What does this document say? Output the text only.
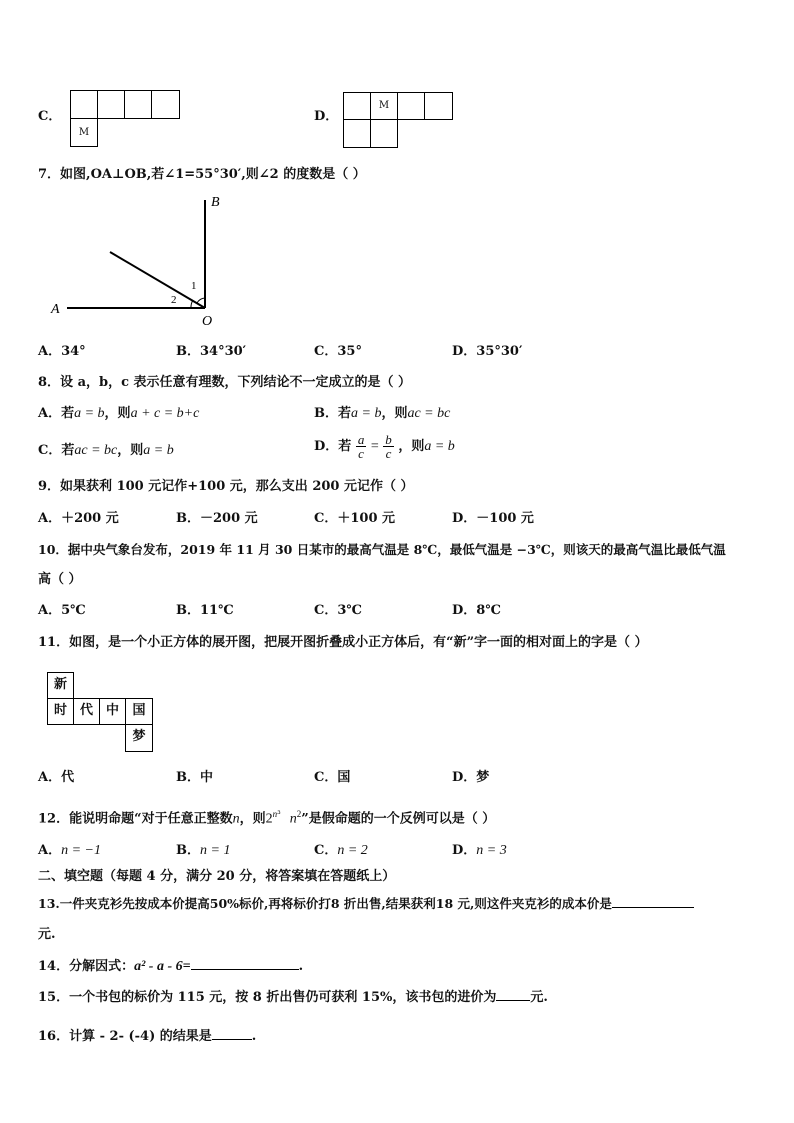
C．
M
D．
M
7．如图,OA⊥OB,若∠1=55°30′,则∠2 的度数是（ ）
B
A
O
1
2
A．34°	B．34°30′	C．35°	D．35°30′
8．设 a，b，c 表示任意有理数，下列结论不一定成立的是（ ）
A．若a = b，则a + c = b+c	B．若a = b，则ac = bc
C．若ac = bc，则a = b	D．若 $\frac{a}{c} = \frac{b}{c}$ ，则a = b
9．如果获利 100 元记作+100 元，那么支出 200 元记作（ ）
A．＋200 元	B．－200 元	C．＋100 元	D．－100 元
10．据中央气象台发布，2019 年 11 月 30 日某市的最高气温是 8℃，最低气温是 −3℃，则该天的最高气温比最低气温
高（ ）
A．5℃	B．11℃	C．3℃	D．8℃
11．如图，是一个小正方体的展开图，把展开图折叠成小正方体后，有“新”字一面的相对面上的字是（ ）
新
时 代 中	国
梦
A．代	B．中	C．国	D．梦
12．能说明命题“对于任意正整数n，则$2^{n^3}$ $n^2$”是假命题的一个反例可以是（ ）
A．n = −1	B．n = 1	C．n = 2	D．n = 3
二、填空题（每题 4 分，满分 20 分，将答案填在答题纸上）
13.一件夹克衫先按成本价提高50%标价,再将标价打8 折出售,结果获利18 元,则这件夹克衫的成本价是
元.
14．分解因式：a² - a - 6=	.
15．一个书包的标价为 115 元，按 8 折出售仍可获利 15%，该书包的进价为	元.
16．计算 - 2- (-4) 的结果是	.
